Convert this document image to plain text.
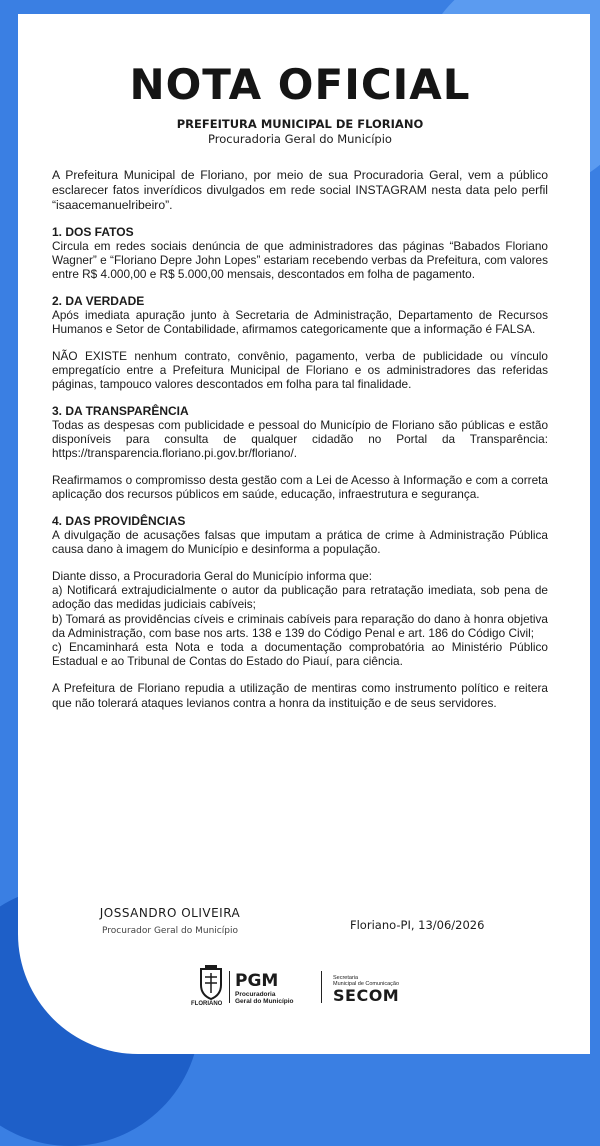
NOTA OFICIAL
PREFEITURA MUNICIPAL DE FLORIANO
Procuradoria Geral do Município

A Prefeitura Municipal de Floriano, por meio de sua Procuradoria Geral, vem a público esclarecer fatos inverídicos divulgados em rede social INSTAGRAM nesta data pelo perfil “isaacemanuelribeiro”.

1. DOS FATOS

Circula em redes sociais denúncia de que administradores das páginas “Babados Floriano Wagner” e “Floriano Depre John Lopes” estariam recebendo verbas da Prefeitura, com valores entre R$ 4.000,00 e R$ 5.000,00 mensais, descontados em folha de pagamento.

2. DA VERDADE

Após imediata apuração junto à Secretaria de Administração, Departamento de Recursos Humanos e Setor de Contabilidade, afirmamos categoricamente que a informação é FALSA.

NÃO EXISTE nenhum contrato, convênio, pagamento, verba de publicidade ou vínculo empregatício entre a Prefeitura Municipal de Floriano e os administradores das referidas páginas, tampouco valores descontados em folha para tal finalidade.

3. DA TRANSPARÊNCIA

Todas as despesas com publicidade e pessoal do Município de Floriano são públicas e estão disponíveis para consulta de qualquer cidadão no Portal da Transparência: https://transparencia.floriano.pi.gov.br/floriano/.

Reafirmamos o compromisso desta gestão com a Lei de Acesso à Informação e com a correta aplicação dos recursos públicos em saúde, educação, infraestrutura e segurança.

4. DAS PROVIDÊNCIAS

A divulgação de acusações falsas que imputam a prática de crime à Administração Pública causa dano à imagem do Município e desinforma a população.

Diante disso, a Procuradoria Geral do Município informa que:

a) Notificará extrajudicialmente o autor da publicação para retratação imediata, sob pena de adoção das medidas judiciais cabíveis;

b) Tomará as providências cíveis e criminais cabíveis para reparação do dano à honra objetiva da Administração, com base nos arts. 138 e 139 do Código Penal e art. 186 do Código Civil;

c) Encaminhará esta Nota e toda a documentação comprobatória ao Ministério Público Estadual e ao Tribunal de Contas do Estado do Piauí, para ciência.

A Prefeitura de Floriano repudia a utilização de mentiras como instrumento político e reitera que não tolerará ataques levianos contra a honra da instituição e de seus servidores.

JOSSANDRO OLIVEIRA
Procurador Geral do Município	Floriano-PI, 13/06/2026
FLORIANO
PGM
Procuradoria
Geral do Município
Secretaria
Municipal de Comunicação
SECOM
